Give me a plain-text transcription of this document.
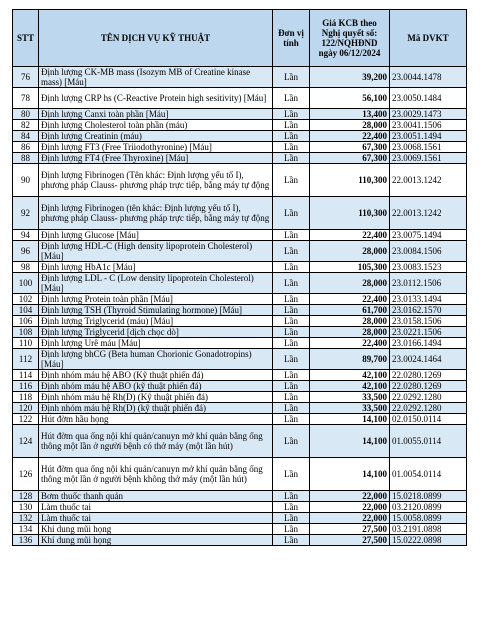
STT	TÊN DỊCH VỤ KỸ THUẬT	Đơn vị tính	Giá KCB theo Nghị quyết số: 122/NQHĐND ngày 06/12/2024	Mã DVKT
76	Định lượng CK-MB mass (Isozym MB of Creatine kinase mass) [Máu]	Lần	39,200	23.0044.1478
78	Định lượng CRP hs (C-Reactive Protein high sesitivity) [Máu]	Lần	56,100	23.0050.1484
80	Định lượng Canxi toàn phần [Máu]	Lần	13,400	23.0029.1473
82	Định lượng Cholesterol toàn phần (máu)	Lần	28,000	23.0041.1506
84	Định lượng Creatinin (máu)	Lần	22,400	23.0051.1494
86	Định lượng FT3 (Free Triiodothyronine) [Máu]	Lần	67,300	23.0068.1561
88	Định lượng FT4 (Free Thyroxine) [Máu]	Lần	67,300	23.0069.1561
90	Định lượng Fibrinogen (Tên khác: Định lượng yếu tố I), phương pháp Clauss- phương pháp trực tiếp, bằng máy tự động	Lần	110,300	22.0013.1242
92	Định lượng Fibrinogen (tên khác: Định lượng yếu tố I), phương pháp Clauss- phương pháp trực tiếp, bằng máy tự động	Lần	110,300	22.0013.1242
94	Định lượng Glucose [Máu]	Lần	22,400	23.0075.1494
96	Định lượng HDL-C (High density lipoprotein Cholesterol) [Máu]	Lần	28,000	23.0084.1506
98	Định lượng HbA1c [Máu]	Lần	105,300	23.0083.1523
100	Định lượng LDL - C (Low density lipoprotein Cholesterol) [Máu]	Lần	28,000	23.0112.1506
102	Định lượng Protein toàn phần [Máu]	Lần	22,400	23.0133.1494
104	Định lượng TSH (Thyroid Stimulating hormone) [Máu]	Lần	61,700	23.0162.1570
106	Định lượng Triglycerid (máu) [Máu]	Lần	28,000	23.0158.1506
108	Định lượng Triglycerid [dịch chọc dò]	Lần	28,000	23.0221.1506
110	Định lượng Urê máu [Máu]	Lần	22,400	23.0166.1494
112	Định lượng bhCG (Beta human Chorionic Gonadotropins) [Máu]	Lần	89,700	23.0024.1464
114	Định nhóm máu hệ ABO (Kỹ thuật phiến đá)	Lần	42,100	22.0280.1269
116	Định nhóm máu hệ ABO (kỹ thuật phiến đá)	Lần	42,100	22.0280.1269
118	Định nhóm máu hệ Rh(D) (Kỹ thuật phiến đá)	Lần	33,500	22.0292.1280
120	Định nhóm máu hệ Rh(D) (kỹ thuật phiến đá)	Lần	33,500	22.0292.1280
122	Hút đờm hầu họng	Lần	14,100	02.0150.0114
124	Hút đờm qua ống nội khí quản/canuyn mở khí quản bằng ống thông một lần ở người bệnh có thở máy (một lần hút)	Lần	14,100	01.0055.0114
126	Hút đờm qua ống nội khí quản/canuyn mở khí quản bằng ống thông một lần ở người bệnh không thở máy (một lần hút)	Lần	14,100	01.0054.0114
128	Bơm thuốc thanh quản	Lần	22,000	15.0218.0899
130	Làm thuốc tai	Lần	22,000	03.2120.0899
132	Làm thuốc tai	Lần	22,000	15.0058.0899
134	Khí dung mũi họng	Lần	27,500	03.2191.0898
136	Khí dung mũi họng	Lần	27,500	15.0222.0898
